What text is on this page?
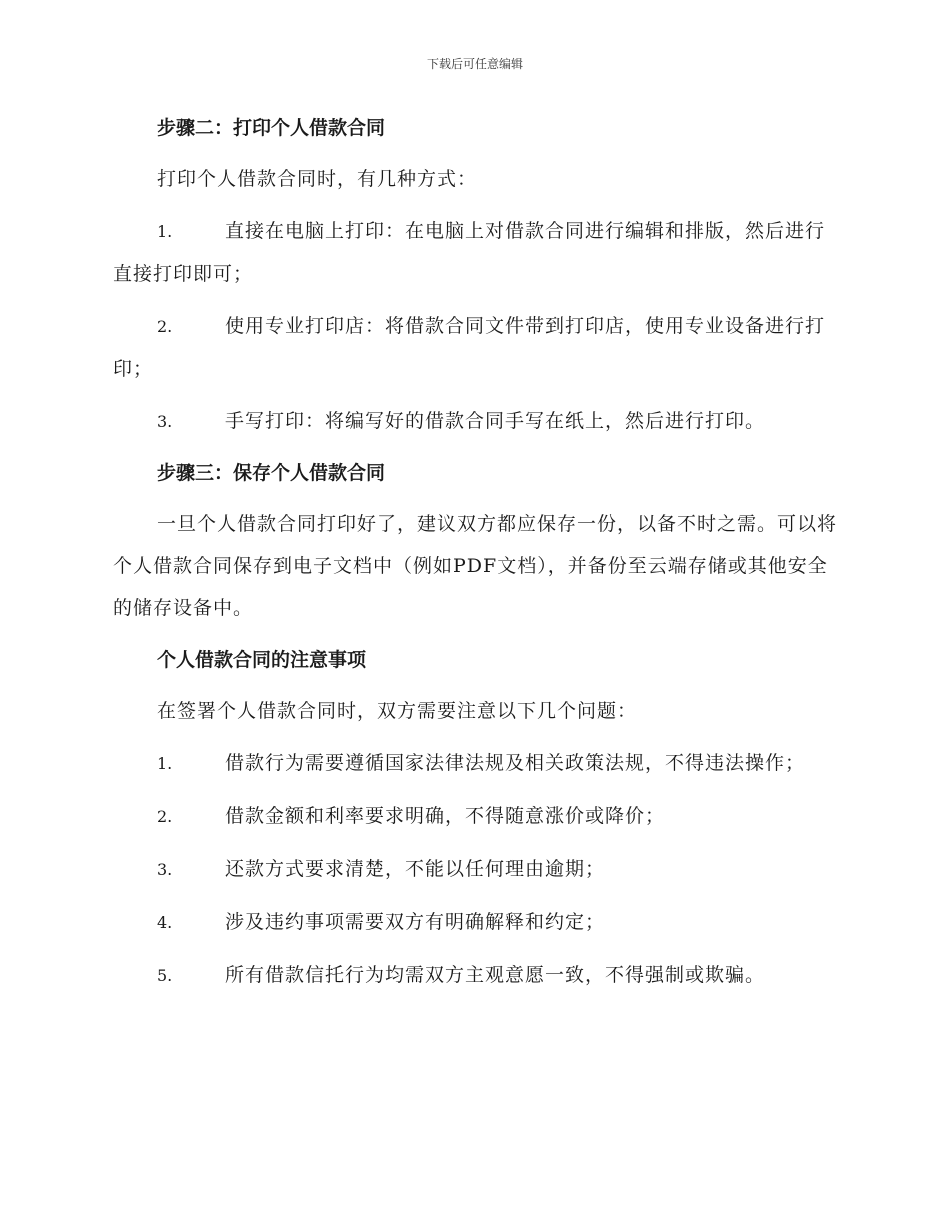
下载后可任意编辑

步骤二：打印个人借款合同

打印个人借款合同时，有几种方式：

1.	直接在电脑上打印：在电脑上对借款合同进行编辑和排版，然后进行直接打印即可；

2.	使用专业打印店：将借款合同文件带到打印店，使用专业设备进行打印；

3.	手写打印：将编写好的借款合同手写在纸上，然后进行打印。

步骤三：保存个人借款合同

一旦个人借款合同打印好了，建议双方都应保存一份，以备不时之需。可以将个人借款合同保存到电子文档中（例如PDF文档），并备份至云端存储或其他安全的储存设备中。

个人借款合同的注意事项

在签署个人借款合同时，双方需要注意以下几个问题：

1.	借款行为需要遵循国家法律法规及相关政策法规，不得违法操作；

2.	借款金额和利率要求明确，不得随意涨价或降价；

3.	还款方式要求清楚，不能以任何理由逾期；

4.	涉及违约事项需要双方有明确解释和约定；

5.	所有借款信托行为均需双方主观意愿一致，不得强制或欺骗。
